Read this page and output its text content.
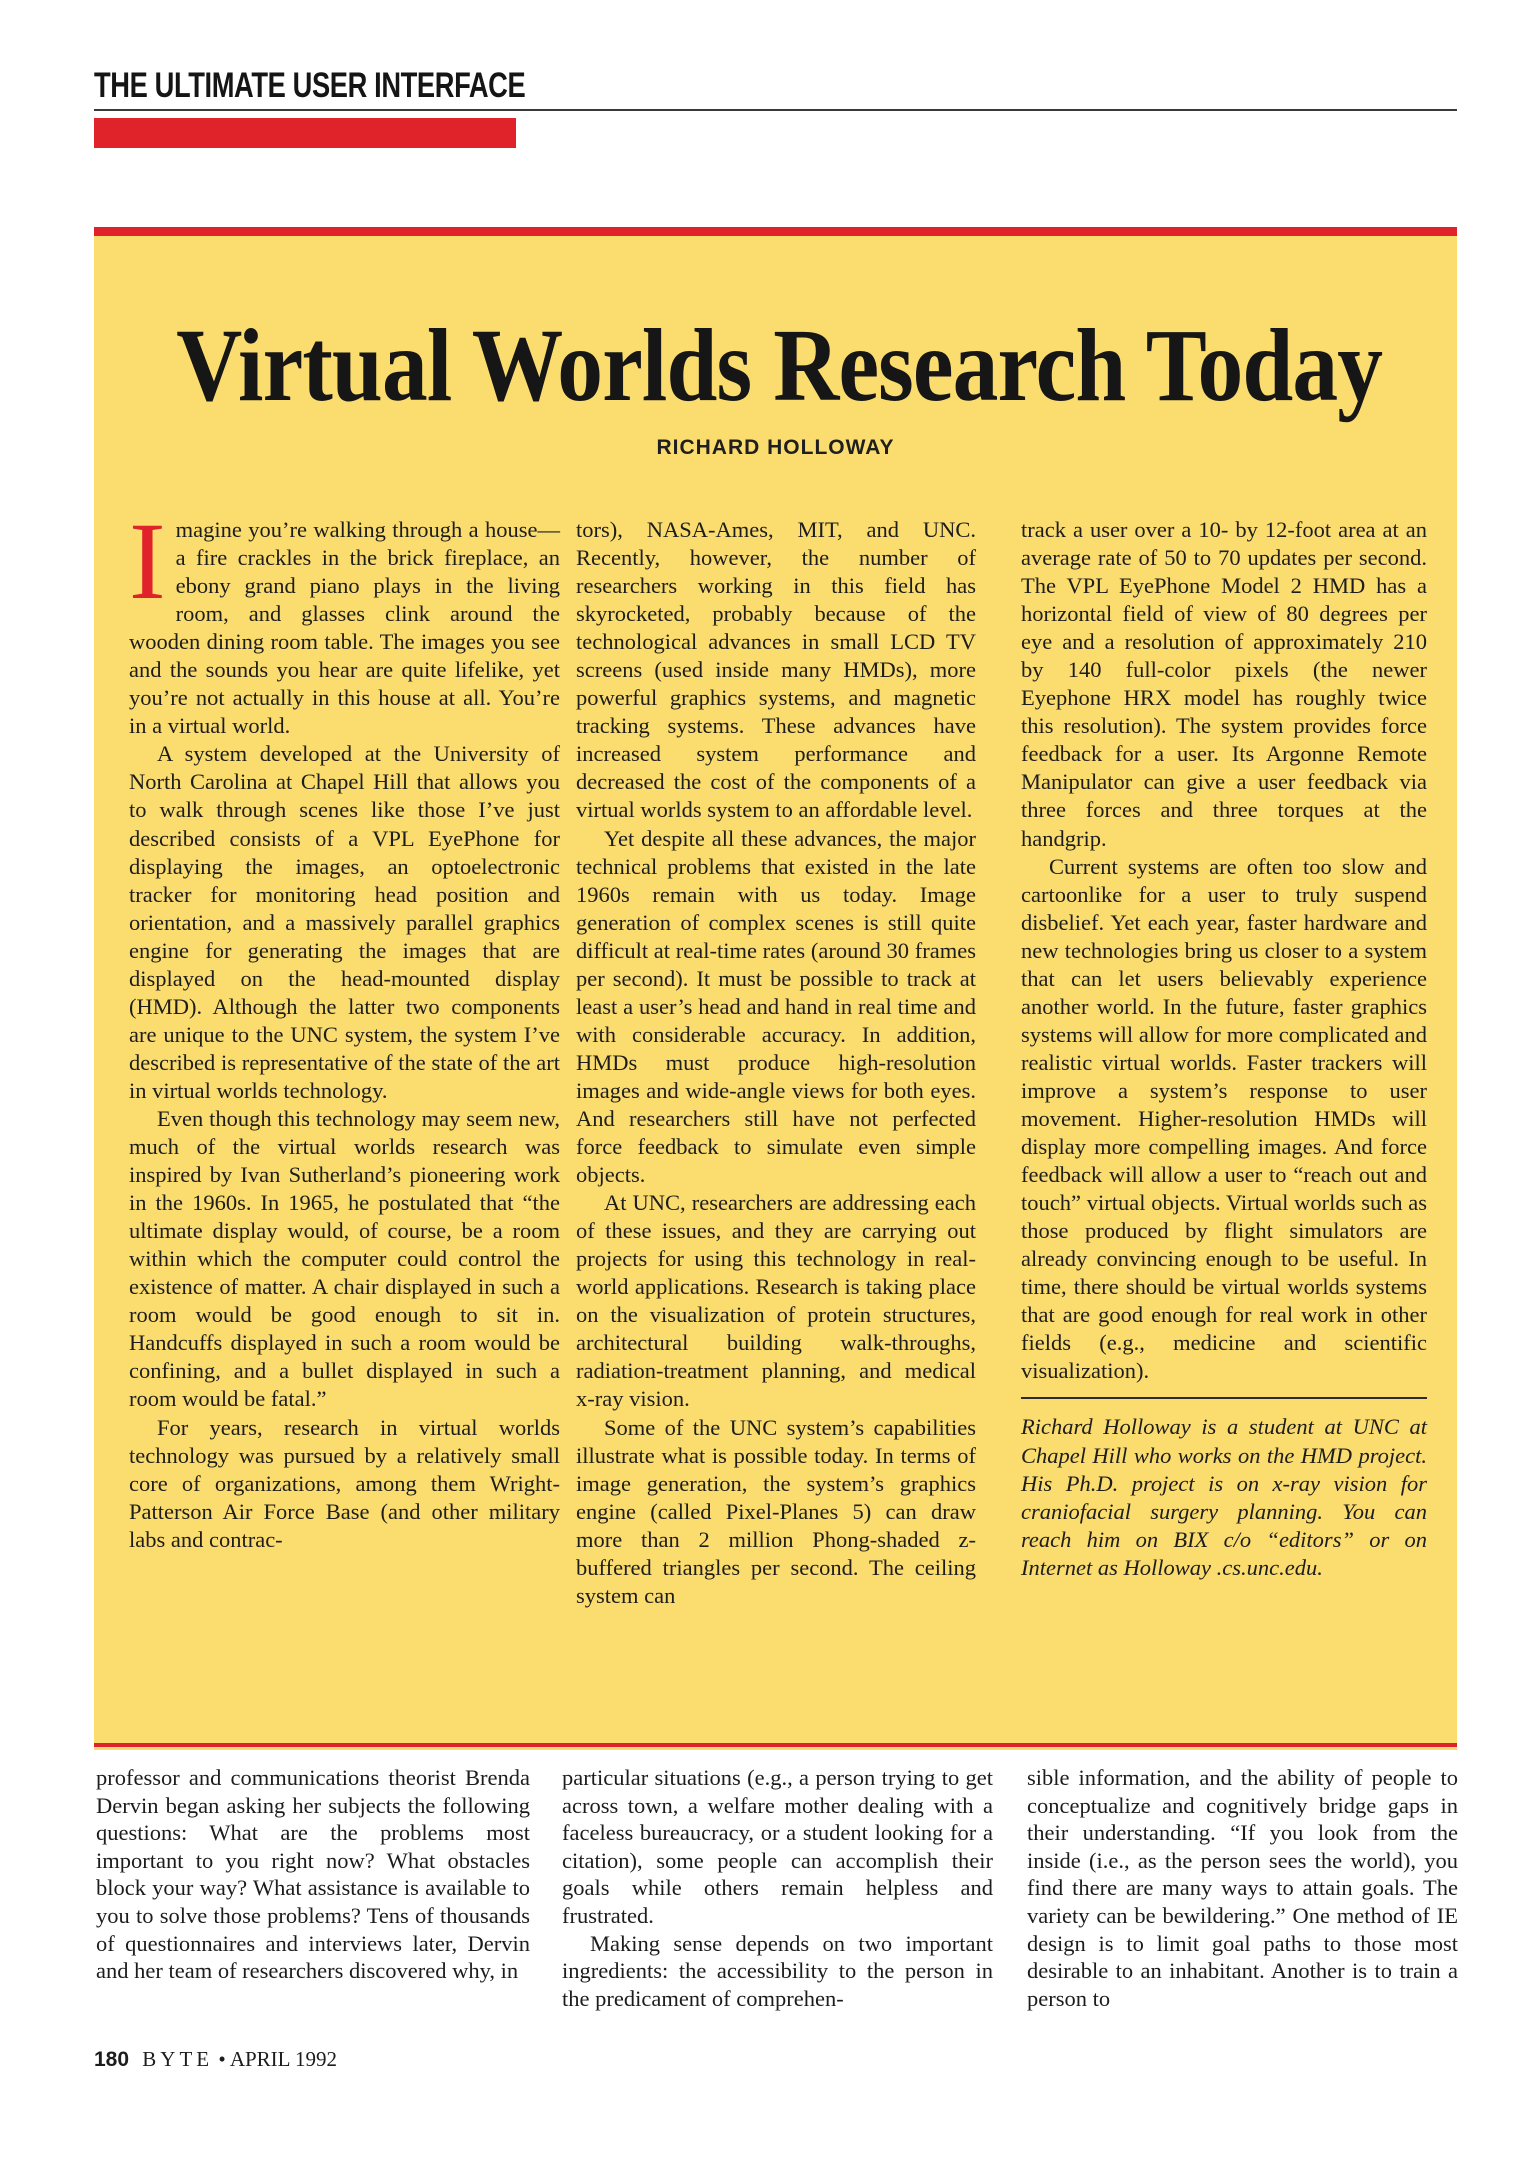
THE ULTIMATE USER INTERFACE
Virtual Worlds Research Today
RICHARD HOLLOWAY

Imagine you’re walking through a house—a fire crackles in the brick fireplace, an ebony grand piano plays in the living room, and glasses clink around the wooden dining room table. The images you see and the sounds you hear are quite lifelike, yet you’re not actually in this house at all. You’re in a virtual world.

A system developed at the University of North Carolina at Chapel Hill that allows you to walk through scenes like those I’ve just described consists of a VPL EyePhone for displaying the images, an optoelectronic tracker for monitoring head position and orientation, and a massively parallel graphics engine for generating the images that are displayed on the head-mounted display (HMD). Although the latter two components are unique to the UNC system, the system I’ve described is representative of the state of the art in virtual worlds technology.

Even though this technology may seem new, much of the virtual worlds research was inspired by Ivan Sutherland’s pioneering work in the 1960s. In 1965, he postulated that “the ultimate display would, of course, be a room within which the computer could control the existence of matter. A chair displayed in such a room would be good enough to sit in. Handcuffs displayed in such a room would be confining, and a bullet displayed in such a room would be fatal.”

For years, research in virtual worlds technology was pursued by a relatively small core of organizations, among them Wright-Patterson Air Force Base (and other military labs and contrac-

tors), NASA-Ames, MIT, and UNC. Recently, however, the number of researchers working in this field has skyrocketed, probably because of the technological advances in small LCD TV screens (used inside many HMDs), more powerful graphics systems, and magnetic tracking systems. These advances have increased system performance and decreased the cost of the components of a virtual worlds system to an affordable level.

Yet despite all these advances, the major technical problems that existed in the late 1960s remain with us today. Image generation of complex scenes is still quite difficult at real-time rates (around 30 frames per second). It must be possible to track at least a user’s head and hand in real time and with considerable accuracy. In addition, HMDs must produce high-resolution images and wide-angle views for both eyes. And researchers still have not perfected force feedback to simulate even simple objects.

At UNC, researchers are addressing each of these issues, and they are carrying out projects for using this technology in real-world applications. Research is taking place on the visualization of protein structures, architectural building walk-throughs, radiation-treatment planning, and medical x-ray vision.

Some of the UNC system’s capabilities illustrate what is possible today. In terms of image generation, the system’s graphics engine (called Pixel-Planes 5) can draw more than 2 million Phong-shaded z-buffered triangles per second. The ceiling system can

track a user over a 10- by 12-foot area at an average rate of 50 to 70 updates per second. The VPL EyePhone Model 2 HMD has a horizontal field of view of 80 degrees per eye and a resolution of approximately 210 by 140 full-color pixels (the newer Eyephone HRX model has roughly twice this resolution). The system provides force feedback for a user. Its Argonne Remote Manipulator can give a user feedback via three forces and three torques at the handgrip.

Current systems are often too slow and cartoonlike for a user to truly suspend disbelief. Yet each year, faster hardware and new technologies bring us closer to a system that can let users believably experience another world. In the future, faster graphics systems will allow for more complicated and realistic virtual worlds. Faster trackers will improve a system’s response to user movement. Higher-resolution HMDs will display more compelling images. And force feedback will allow a user to “reach out and touch” virtual objects. Virtual worlds such as those produced by flight simulators are already convincing enough to be useful. In time, there should be virtual worlds systems that are good enough for real work in other fields (e.g., medicine and scientific visualization).

Richard Holloway is a student at UNC at Chapel Hill who works on the HMD project. His Ph.D. project is on x-ray vision for craniofacial surgery planning. You can reach him on BIX c/o “editors” or on Internet as Holloway .cs.unc.edu.

professor and communications theorist Brenda Dervin began asking her subjects the following questions: What are the problems most important to you right now? What obstacles block your way? What assistance is available to you to solve those problems? Tens of thousands of questionnaires and interviews later, Dervin and her team of researchers discovered why, in

particular situations (e.g., a person trying to get across town, a welfare mother dealing with a faceless bureaucracy, or a student looking for a citation), some people can accomplish their goals while others remain helpless and frustrated.

Making sense depends on two important ingredients: the accessibility to the person in the predicament of comprehen-

sible information, and the ability of people to conceptualize and cognitively bridge gaps in their understanding. “If you look from the inside (i.e., as the person sees the world), you find there are many ways to attain goals. The variety can be bewildering.” One method of IE design is to limit goal paths to those most desirable to an inhabitant. Another is to train a person to

180 BYTE • APRIL 1992
